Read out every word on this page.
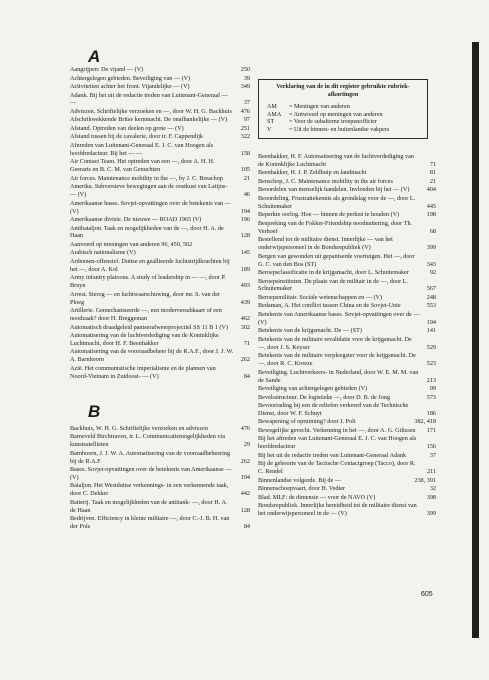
A
Aangrijpen: De vijand — (V)	250
Achtergelegen gebieden. Beveiliging van — (V)	39
Activiteiten achter het front. Vijandelijke — (V)	349
Adank. Bij het uit de redactie treden van Luitenant-Generaal — —	37
Adviezen. Schriftelijke verzoeken en —, door W. H. G. Backhuis 476
Afschrikwekkende Britse kernmacht. De onafhankelijke — (V)	97
Afstand. Optreden van deelen op grote — (V)	251
Afstand tussen bij de cavalerie, door ir. F. Cappendijk	322
Afnreden van Luitenant-Generaal E. J. C. van Hoogen als hoofdredacteur. Bij het — —	158
Air Contact Team. Het optreden van een —, door A. H. H. Geerarts en B. C. M. van Genuchten	105
Air forces. Maintenance mobility in the —, by J. C. Breachop	21
Amerika. Subversieve bewegingen aan de oostkust van Latijns- — (V)	46
Amerikaanse bases. Sovjet-opvattingen over de betekenis van — (V)	194
Amerikaanse divisie. De nieuwe — ROAD 1965 (V)	196
Antibataljon. Taak en mogelijkheden van de —, door H. A. de Haan	128
Aanvoerd op meningen van anderen 96, 450, 562
Arabisch nationalisme (V)	145
Ardennen-offensief. Duitse en geallieerde luchtstrijdkrachten bij het —, door A. Kol	189
Army infantry platoons. A study of leadership in — —, door P. Bruyn	493
Arrest. Sterog — en luchtwaarschuwing, door mr. S. van der Ploeg	439
Artillerie. Gemechaniseerde —, een moderversabkaart of een noodzaak? door H. Breggeman	462
Automatisch draadgeleid pantserafweerprojectiel SS 11 B 1 (V) 302
Automatisering van de luchtverdediging van de Koninklijke Luchtmacht, door H. F. Beenhakker	71
Automatisering van de voorraadbeheer bij de R.A.F., door J. J. W. A. Barnhoorn	262
Azië. Het communistische imperialisme en de plannen van Noord-Vietnam in Zuidoost- — (V)	84
B
Backhuis, W. H. G. Schriftelijke verzoeken en adviezen	476
Barneveld Birchtraven, ir. L. Communicatiemogelijkheden via kunstsatellieten	29
Barnhoorn, J. J. W. A. Automatisering van de voorraadbeheering bij de R.A.F.	262
Bases. Sovjet-opvattingen over de betekenis van Amerikaanse — (V)	194
Bataljon. Het Westduitse verkennings- in een verkennende taak, door C. Dekker	442
Batterij. Taak en mogelijkheden van de antitank- —, door H. A. de Haan	128
Bedrijven. Efficiency in kleine militaire —, door C.-J. B. H. van der Pols	84
Verklaring van de in dit register gebruikte rubriek-afkortingen
AM	= Meningen van anderen
AMA	= Antwoord op meningen van anderen
ST	= Voor de subalterne troepenofficier
V	= Uit de binnen- en buitenlandse vakpers
Beenhakker, H. F. Automatisering van de luchtverdediging van de Koninklijke Luchtmacht	71
Beenhakker, H. J. P. Zeldhuip en landmacht	81
Benschop, J. C. Maintenance mobility in the air forces	21
Beoordelen van menselijk handelen. Invloeden bij het — (V)	404
Beoordeling. Frustratiekennis als grondslag voor de —, door L. Schuitemaker	445
Beperkte oorlog. Hoe — binnen de perken te houden (V)	198
Bespreking van de Fokker-Friendship noodnuttering, door Th. Verhoef	68
Bestellend tot de militaire dienst. Innerlijke — van het onderwijspersoneel in de Bondsrepubliek (V)	399
Bergen van gewonden uit gepantserde voertuigen. Het —, door G. C. van den Bos (ST)	343
Beroepsclassificatie in de krijgsmacht, door L. Schuitemaker	92
Beroepsinstituten. De plaats van de militair in de —, door L. Schuitemaker	567
Beroepsmilitair. Sociale wetenschappen en — (V)	248
Bedaman, A. Het conflict tussen China en de Sovjet-Unie	553
Betekenis van Amerikaanse bases. Sovjet-opvattingen over de — (V)	194
Betekenis van de krijgsmacht. De — (ST)	141
Betekenis van de militaire revalidatie voor de krijgsmacht. De —, door J. S. Keyser	529
Betekenis van de militaire verpleegster voor de krijgsmacht. De —, door R. C. Kroeze	523
Beveiliging. Luchtverkeers- in Nederland, door W. E. M. M. van de Sande	213
Beveiliging van achtergelegen gebieden (V)	99
Bevelsstructuur. De logistieke —, door D. B. de Jong	573
Bevoorrading bij een de reliefen verkeerd van de Technische Dienst, door W. F. Schuyt	186
Bewapening of opruiming? door J. Polt	382, 418
Bewegelijke gevecht. Verkenning in het —, door A. G. Giltssen 171
Bij het aftreden van Luitenant-Generaal E. J. C. van Hoogen als hoofdredacteur	156
Bij het uit de redactie treden van Luitenant-Generaal Adank	37
Bij de geboorte van de Tactische Contactgroep (Tacco), door R. C. Rendel	211
Binnenlandse volgorde. Bij de —	238, 391
Binnenschoepvaart, door H. Vedter	32
Blad. MLF: de dimensie — voor de NAVO (V)	398
Bondsrepubliek. Innerlijke bereidheid tot de militaire dienst van het onderwijspersoneel in de — (V)	399
605
